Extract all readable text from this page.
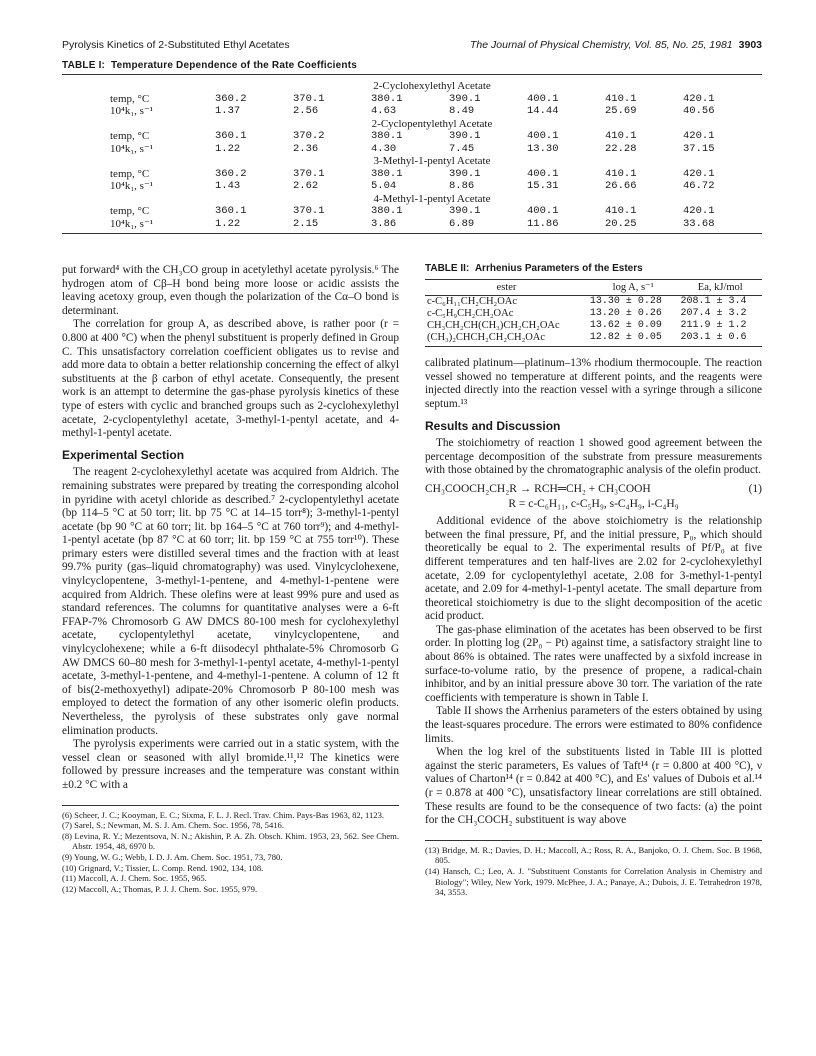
Pyrolysis Kinetics of 2-Substituted Ethyl Acetates	The Journal of Physical Chemistry, Vol. 85, No. 25, 1981 3903
TABLE I: Temperature Dependence of the Rate Coefficients
2-Cyclohexylethyl Acetate
temp, °C	360.2	370.1	380.1	390.1	400.1	410.1	420.1
10⁴k₁, s⁻¹	1.37	2.56	4.63	8.49	14.44	25.69	40.56
2-Cyclopentylethyl Acetate
temp, °C	360.1	370.2	380.1	390.1	400.1	410.1	420.1
10⁴k₁, s⁻¹	1.22	2.36	4.30	7.45	13.30	22.28	37.15
3-Methyl-1-pentyl Acetate
temp, °C	360.2	370.1	380.1	390.1	400.1	410.1	420.1
10⁴k₁, s⁻¹	1.43	2.62	5.04	8.86	15.31	26.66	46.72
4-Methyl-1-pentyl Acetate
temp, °C	360.1	370.1	380.1	390.1	400.1	410.1	420.1
10⁴k₁, s⁻¹	1.22	2.15	3.86	6.89	11.86	20.25	33.68

put forward⁴ with the CH₃CO group in acetylethyl acetate pyrolysis.⁶ The hydrogen atom of Cβ–H bond being more loose or acidic assists the leaving acetoxy group, even though the polarization of the Cα–O bond is determinant.

The correlation for group A, as described above, is rather poor (r = 0.800 at 400 °C) when the phenyl substituent is properly defined in Group C. This unsatisfactory correlation coefficient obligates us to revise and add more data to obtain a better relationship concerning the effect of alkyl substituents at the β carbon of ethyl acetate. Consequently, the present work is an attempt to determine the gas-phase pyrolysis kinetics of these type of esters with cyclic and branched groups such as 2-cyclohexylethyl acetate, 2-cyclopentylethyl acetate, 3-methyl-1-pentyl acetate, and 4-methyl-1-pentyl acetate.

Experimental Section

The reagent 2-cyclohexylethyl acetate was acquired from Aldrich. The remaining substrates were prepared by treating the corresponding alcohol in pyridine with acetyl chloride as described.⁷ 2-cyclopentylethyl acetate (bp 114–5 °C at 50 torr; lit. bp 75 °C at 14–15 torr⁸); 3-methyl-1-pentyl acetate (bp 90 °C at 60 torr; lit. bp 164–5 °C at 760 torr⁹); and 4-methyl-1-pentyl acetate (bp 87 °C at 60 torr; lit. bp 159 °C at 755 torr¹⁰). These primary esters were distilled several times and the fraction with at least 99.7% purity (gas–liquid chromatography) was used. Vinylcyclohexene, vinylcyclopentene, 3-methyl-1-pentene, and 4-methyl-1-pentene were acquired from Aldrich. These olefins were at least 99% pure and used as standard references. The columns for quantitative analyses were a 6-ft FFAP-7% Chromosorb G AW DMCS 80-100 mesh for cyclohexylethyl acetate, cyclopentylethyl acetate, vinylcyclopentene, and vinylcyclohexene; while a 6-ft diisodecyl phthalate-5% Chromosorb G AW DMCS 60–80 mesh for 3-methyl-1-pentyl acetate, 4-methyl-1-pentyl acetate, 3-methyl-1-pentene, and 4-methyl-1-pentene. A column of 12 ft of bis(2-methoxyethyl) adipate-20% Chromosorb P 80-100 mesh was employed to detect the formation of any other isomeric olefin products. Nevertheless, the pyrolysis of these substrates only gave normal elimination products.

The pyrolysis experiments were carried out in a static system, with the vessel clean or seasoned with allyl bromide.¹¹,¹² The kinetics were followed by pressure increases and the temperature was constant within ±0.2 °C with a

(6) Scheer, J. C.; Kooyman, E. C.; Sixma, F. L. J. Recl. Trav. Chim. Pays-Bas 1963, 82, 1123.
(7) Sarel, S.; Newman, M. S. J. Am. Chem. Soc. 1956, 78, 5416.
(8) Levina, R. Y.; Mezentsova, N. N.; Akishin, P. A. Zh. Obsch. Khim. 1953, 23, 562. See Chem. Abstr. 1954, 48, 6970 b.
(9) Young, W. G.; Webb, I. D. J. Am. Chem. Soc. 1951, 73, 780.
(10) Grignard, V.; Tissier, L. Comp. Rend. 1902, 134, 108.
(11) Maccoll, A. J. Chem. Soc. 1955, 965.
(12) Maccoll, A.; Thomas, P. J. J. Chem. Soc. 1955, 979.
TABLE II: Arrhenius Parameters of the Esters
ester	log A, s⁻¹	Ea, kJ/mol
c-C₆H₁₁CH₂CH₂OAc	13.30 ± 0.28	208.1 ± 3.4
c-C₅H₉CH₂CH₂OAc	13.20 ± 0.26	207.4 ± 3.2
CH₃CH₂CH(CH₃)CH₂CH₂OAc	13.62 ± 0.09	211.9 ± 1.2
(CH₃)₂CHCH₂CH₂CH₂OAc	12.82 ± 0.05	203.1 ± 0.6

calibrated platinum—platinum–13% rhodium thermocouple. The reaction vessel showed no temperature at different points, and the reagents were injected directly into the reaction vessel with a syringe through a silicone septum.¹³

Results and Discussion

The stoichiometry of reaction 1 showed good agreement between the percentage decomposition of the substrate from pressure measurements with those obtained by the chromatographic analysis of the olefin product.

CH₃COOCH₂CH₂R → RCH═CH₂ + CH₃COOH	(1)
R = c-C₆H₁₁, c-C₅H₉, s-C₄H₉, i-C₄H₉

Additional evidence of the above stoichiometry is the relationship between the final pressure, Pf, and the initial pressure, P₀, which should theoretically be equal to 2. The experimental results of Pf/P₀ at five different temperatures and ten half-lives are 2.02 for 2-cyclohexylethyl acetate, 2.09 for cyclopentylethyl acetate, 2.08 for 3-methyl-1-pentyl acetate, and 2.09 for 4-methyl-1-pentyl acetate. The small departure from theoretical stoichiometry is due to the slight decomposition of the acetic acid product.

The gas-phase elimination of the acetates has been observed to be first order. In plotting log (2P₀ − Pt) against time, a satisfactory straight line to about 86% is obtained. The rates were unaffected by a sixfold increase in surface-to-volume ratio, by the presence of propene, a radical-chain inhibitor, and by an initial pressure above 30 torr. The variation of the rate coefficients with temperature is shown in Table I.

Table II shows the Arrhenius parameters of the esters obtained by using the least-squares procedure. The errors were estimated to 80% confidence limits.

When the log krel of the substituents listed in Table III is plotted against the steric parameters, Es values of Taft¹⁴ (r = 0.800 at 400 °C), ν values of Charton¹⁴ (r = 0.842 at 400 °C), and Es′ values of Dubois et al.¹⁴ (r = 0.878 at 400 °C), unsatisfactory linear correlations are still obtained. These results are found to be the consequence of two facts: (a) the point for the CH₃COCH₂ substituent is way above

(13) Bridge, M. R.; Davies, D. H.; Maccoll, A.; Ross, R. A., Banjoko, O. J. Chem. Soc. B 1968, 805.
(14) Hansch, C.; Leo, A. J. "Substituent Constants for Correlation Analysis in Chemistry and Biology"; Wiley, New York, 1979. McPhee, J. A.; Panaye, A.; Dubois, J. E. Tetrahedron 1978, 34, 3553.
